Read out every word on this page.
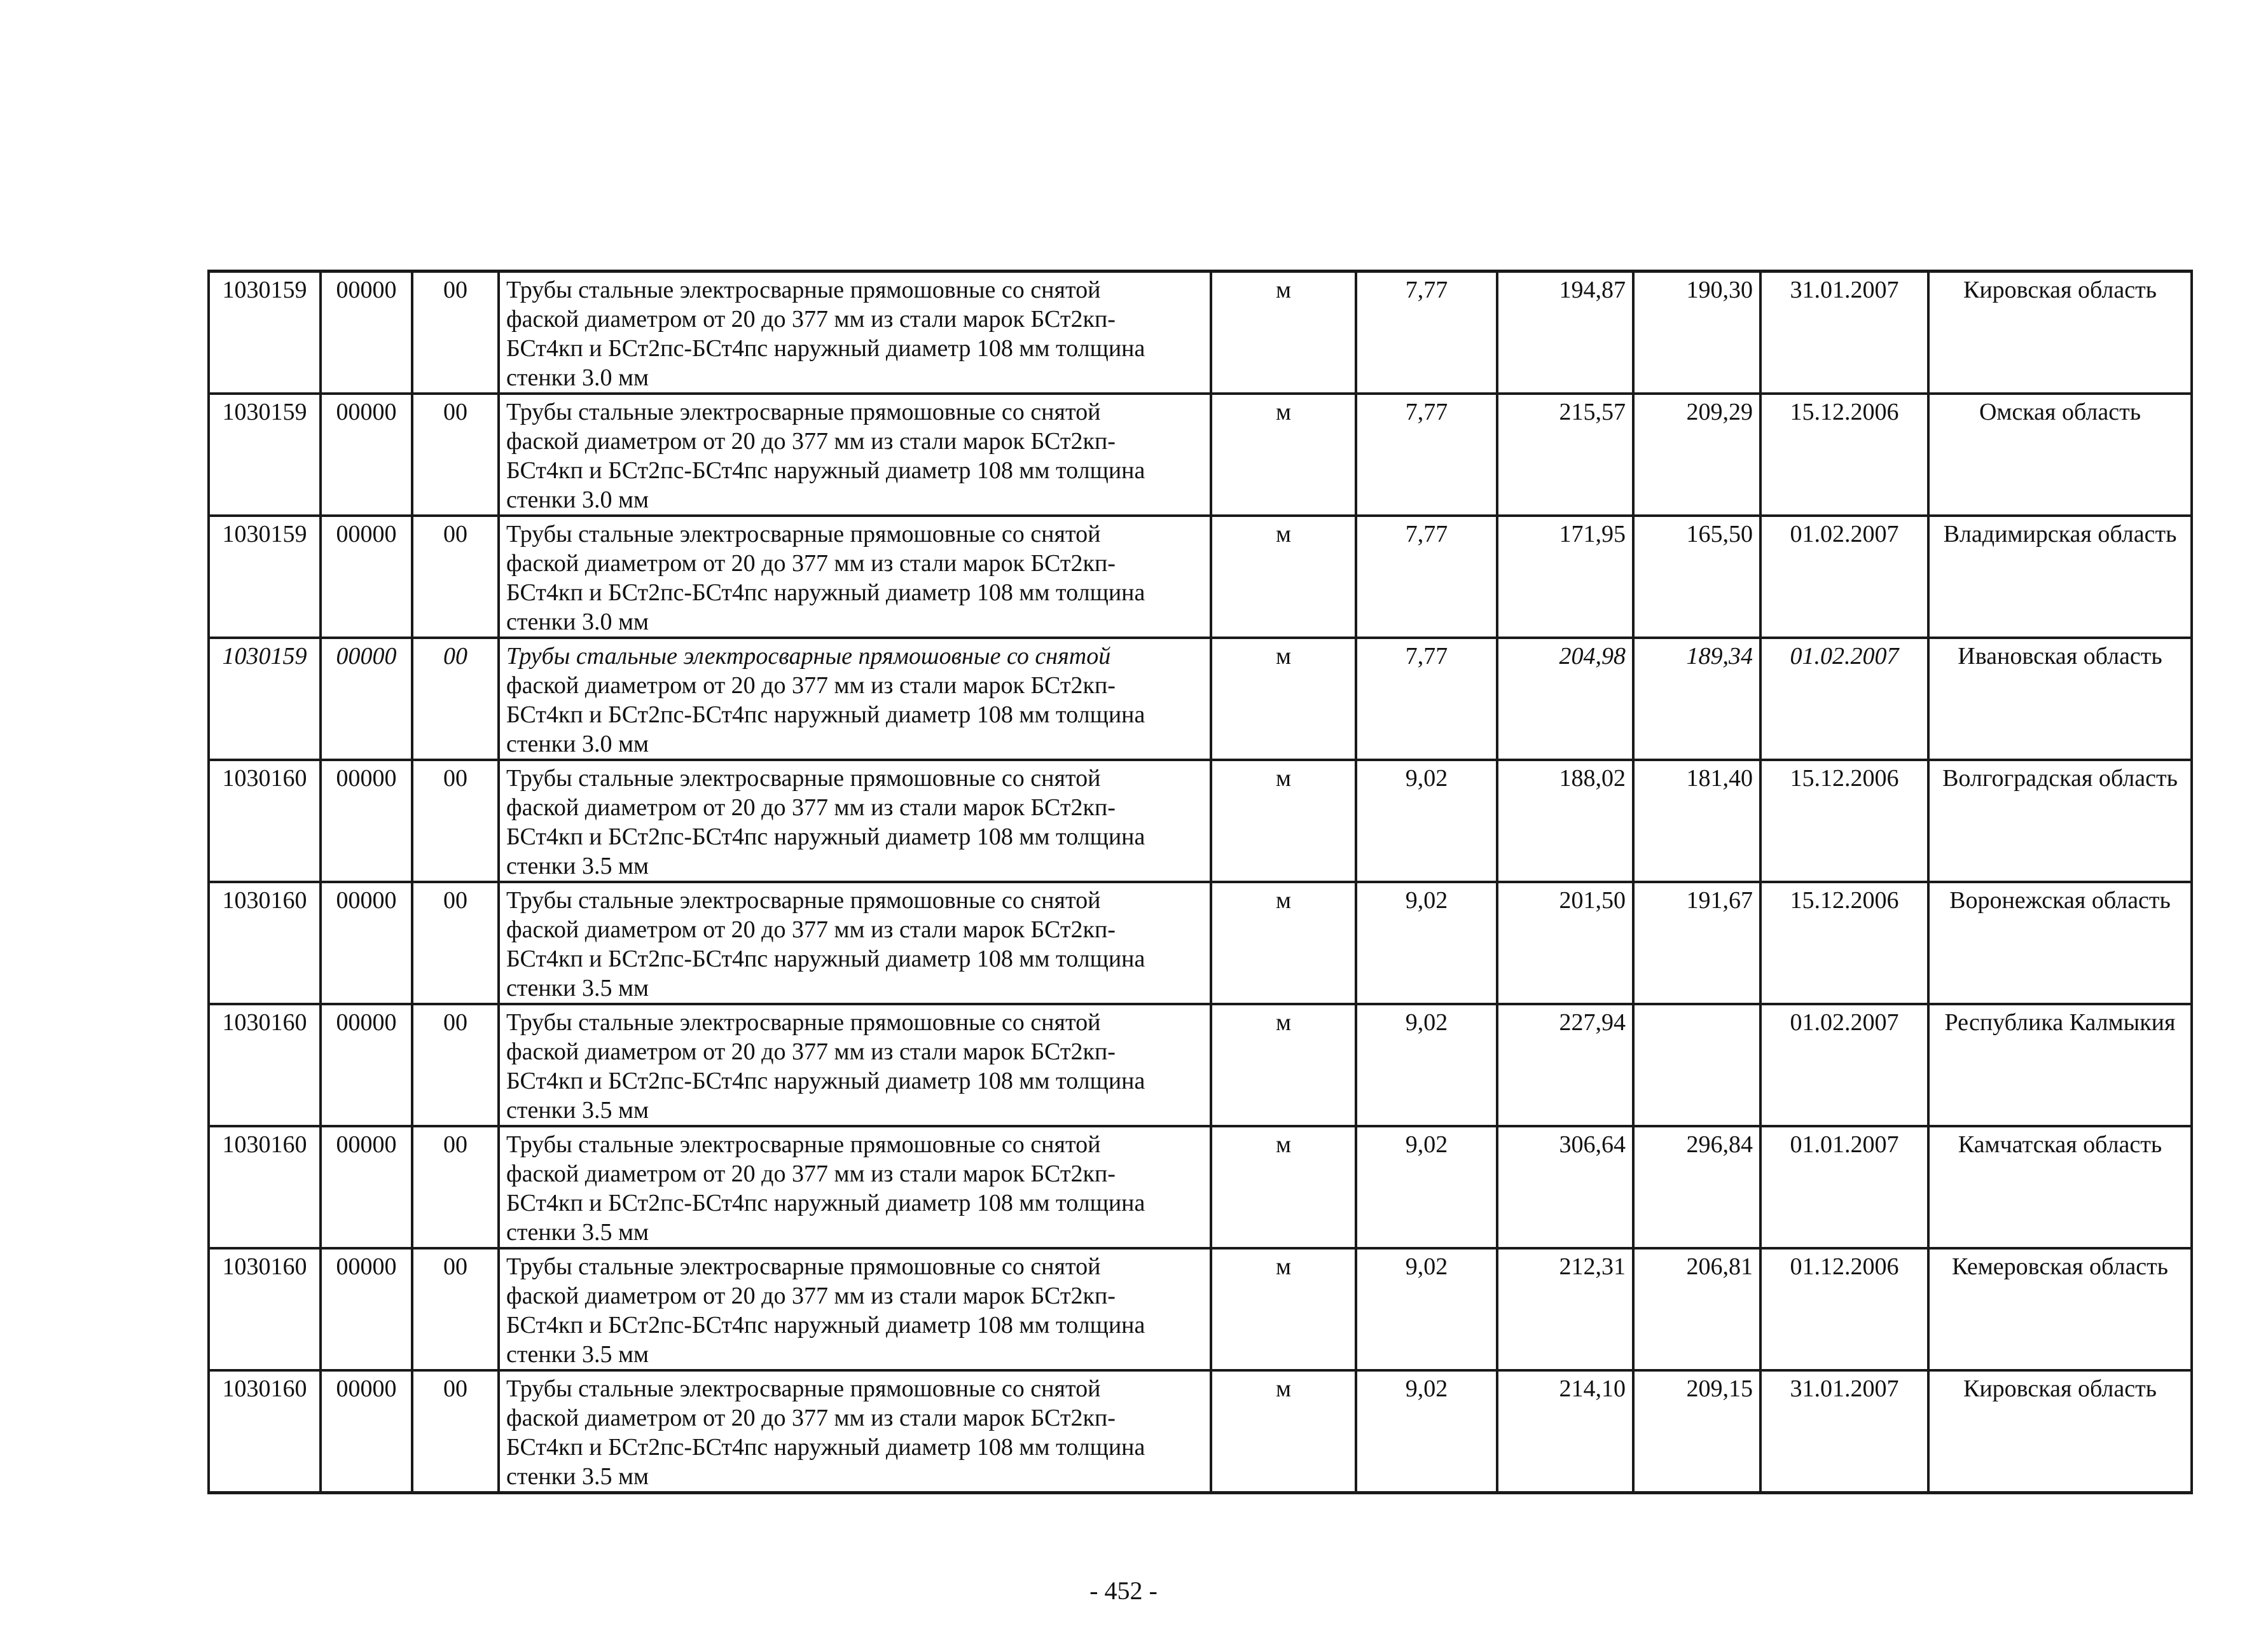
1030159	00000	00	Трубы стальные электросварные прямошовные со снятой
фаской диаметром от 20 до 377 мм из стали марок БСт2кп-
БСт4кп и БСт2пс-БСт4пс наружный диаметр 108 мм толщина
стенки 3.0 мм	м	7,77	194,87	190,30	31.01.2007	Кировская область
1030159	00000	00	Трубы стальные электросварные прямошовные со снятой
фаской диаметром от 20 до 377 мм из стали марок БСт2кп-
БСт4кп и БСт2пс-БСт4пс наружный диаметр 108 мм толщина
стенки 3.0 мм	м	7,77	215,57	209,29	15.12.2006	Омская область
1030159	00000	00	Трубы стальные электросварные прямошовные со снятой
фаской диаметром от 20 до 377 мм из стали марок БСт2кп-
БСт4кп и БСт2пс-БСт4пс наружный диаметр 108 мм толщина
стенки 3.0 мм	м	7,77	171,95	165,50	01.02.2007	Владимирская область
1030159	00000	00	Трубы стальные электросварные прямошовные со снятой
фаской диаметром от 20 до 377 мм из стали марок БСт2кп-
БСт4кп и БСт2пс-БСт4пс наружный диаметр 108 мм толщина
стенки 3.0 мм	м	7,77	204,98	189,34	01.02.2007	Ивановская область
1030160	00000	00	Трубы стальные электросварные прямошовные со снятой
фаской диаметром от 20 до 377 мм из стали марок БСт2кп-
БСт4кп и БСт2пс-БСт4пс наружный диаметр 108 мм толщина
стенки 3.5 мм	м	9,02	188,02	181,40	15.12.2006	Волгоградская область
1030160	00000	00	Трубы стальные электросварные прямошовные со снятой
фаской диаметром от 20 до 377 мм из стали марок БСт2кп-
БСт4кп и БСт2пс-БСт4пс наружный диаметр 108 мм толщина
стенки 3.5 мм	м	9,02	201,50	191,67	15.12.2006	Воронежская область
1030160	00000	00	Трубы стальные электросварные прямошовные со снятой
фаской диаметром от 20 до 377 мм из стали марок БСт2кп-
БСт4кп и БСт2пс-БСт4пс наружный диаметр 108 мм толщина
стенки 3.5 мм	м	9,02	227,94		01.02.2007	Республика Калмыкия
1030160	00000	00	Трубы стальные электросварные прямошовные со снятой
фаской диаметром от 20 до 377 мм из стали марок БСт2кп-
БСт4кп и БСт2пс-БСт4пс наружный диаметр 108 мм толщина
стенки 3.5 мм	м	9,02	306,64	296,84	01.01.2007	Камчатская область
1030160	00000	00	Трубы стальные электросварные прямошовные со снятой
фаской диаметром от 20 до 377 мм из стали марок БСт2кп-
БСт4кп и БСт2пс-БСт4пс наружный диаметр 108 мм толщина
стенки 3.5 мм	м	9,02	212,31	206,81	01.12.2006	Кемеровская область
1030160	00000	00	Трубы стальные электросварные прямошовные со снятой
фаской диаметром от 20 до 377 мм из стали марок БСт2кп-
БСт4кп и БСт2пс-БСт4пс наружный диаметр 108 мм толщина
стенки 3.5 мм	м	9,02	214,10	209,15	31.01.2007	Кировская область
- 452 -
